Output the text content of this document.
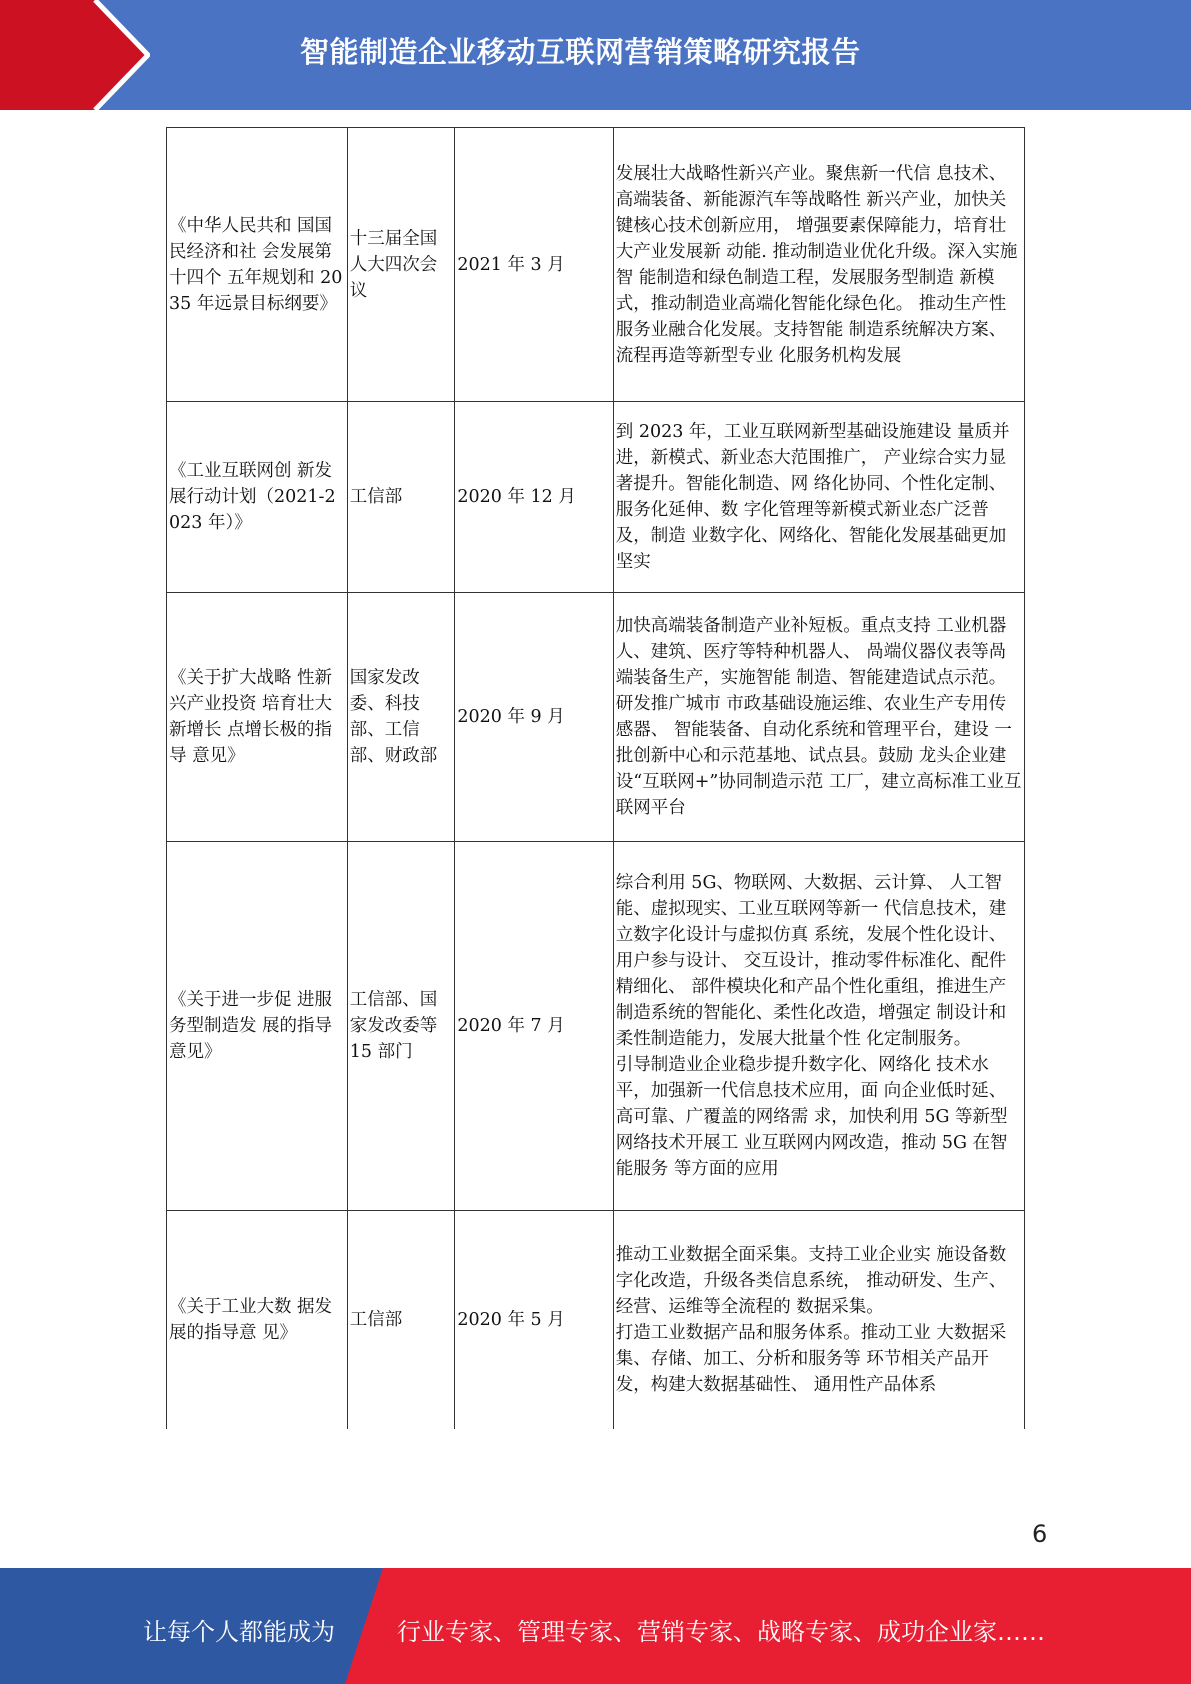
智能制造企业移动互联网营销策略研究报告
《中华人民共和 国国民经济和社 会发展第十四个 五年规划和 2035 年远景目标纲要》	十三届全国人大四次会议	2021 年 3 月	发展壮大战略性新兴产业。聚焦新一代信 息技术、高端装备、新能源汽车等战略性 新兴产业，加快关键核心技术创新应用， 增强要素保障能力，培育壮大产业发展新 动能. 推动制造业优化升级。深入实施智 能制造和绿色制造工程，发展服务型制造 新模式，推动制造业高端化智能化绿色化。 推动生产性服务业融合化发展。支持智能 制造系统解决方案、流程再造等新型专业 化服务机构发展

《工业互联网创 新发展行动计划（2021-2023 年）》	工信部	2020 年 12 月	到 2023 年，工业互联网新型基础设施建设 量质并进，新模式、新业态大范围推广， 产业综合实力显著提升。智能化制造、网 络化协同、个性化定制、服务化延伸、数 字化管理等新模式新业态广泛普及，制造 业数字化、网络化、智能化发展基础更加 坚实

《关于扩大战略 性新兴产业投资 培育壮大新增长 点增长极的指导 意见》	国家发改委、科技部、工信部、财政部	2020 年 9 月	加快高端装备制造产业补短板。重点支持 工业机器人、建筑、医疗等特种机器人、 咼端仪器仪表等咼端装备生产，实施智能 制造、智能建造试点示范。研发推广城市 市政基础设施运维、农业生产专用传感器、 智能装备、自动化系统和管理平台，建设 一批创新中心和示范基地、试点县。鼓励 龙头企业建设“互联网+”协同制造示范 工厂，建立高标准工业互联网平台

《关于进一步促 进服务型制造发 展的指导意见》	工信部、国家发改委等 15 部门	2020 年 7 月	综合利用 5G、物联网、大数据、云计算、 人工智能、虚拟现实、工业互联网等新一 代信息技术，建立数字化设计与虚拟仿真 系统，发展个性化设计、用户参与设计、 交互设计，推动零件标准化、配件精细化、 部件模块化和产品个性化重组，推进生产 制造系统的智能化、柔性化改造，增强定 制设计和柔性制造能力，发展大批量个性 化定制服务。
引导制造业企业稳步提升数字化、网络化 技术水平，加强新一代信息技术应用，面 向企业低时延、高可靠、广覆盖的网络需 求，加快利用 5G 等新型网络技术开展工 业互联网内网改造，推动 5G 在智能服务 等方面的应用

《关于工业大数 据发展的指导意 见》	工信部	2020 年 5 月	推动工业数据全面采集。支持工业企业实 施设备数字化改造，升级各类信息系统， 推动研发、生产、经营、运维等全流程的 数据采集。
打造工业数据产品和服务体系。推动工业 大数据采集、存储、加工、分析和服务等 环节相关产品开发，构建大数据基础性、 通用性产品体系
6
让每个人都能成为	行业专家、管理专家、营销专家、战略专家、成功企业家……
